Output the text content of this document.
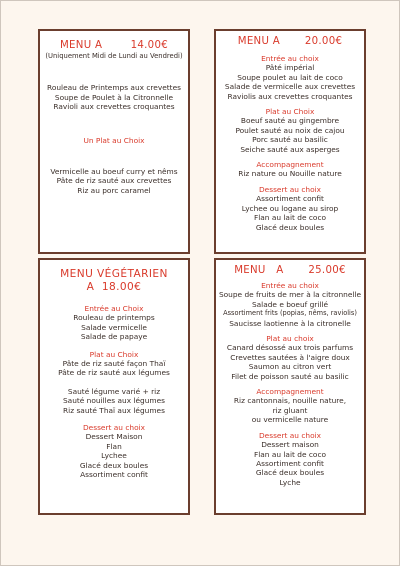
MENU A        14.00€
(Uniquement Midi de Lundi au Vendredi)
Rouleau de Printemps aux crevettes
Soupe de Poulet à la Citronnelle
Ravioli aux crevettes croquantes
Un Plat au Choix
Vermicelle au boeuf curry et nêms
Pâte de riz sauté aux crevettes
Riz au porc caramel
MENU A       20.00€
Entrée au choix
Pâté impérial
Soupe poulet au lait de coco
Salade de vermicelle aux crevettes
Raviolis aux crevettes croquantes
Plat au Choix
Boeuf sauté au gingembre
Poulet sauté au noix de cajou
Porc sauté au basilic
Seiche sauté aux asperges
Accompagnement
Riz nature ou Nouille nature
Dessert au choix
Assortiment confit
Lychee ou logane au sirop
Flan au lait de coco
Glacé deux boules
MENU VÉGÉTARIEN
A  18.00€
Entrée au Choix
Rouleau de printemps
Salade vermicelle
Salade de papaye
Plat au Choix
Pâte de riz sauté façon Thaï
Pâte de riz sauté aux légumes
Sauté légume varié + riz
Sauté nouilles aux légumes
Riz sauté Thaï aux légumes
Dessert au choix
Dessert Maison
Flan
Lychee
Glacé deux boules
Assortiment confit
MENU   A       25.00€
Entrée au choix
Soupe de fruits de mer à la citronnelle
Salade e boeuf grillé
Assortiment frits (popias, nêms, raviolis)
Saucisse laotienne à la citronelle
Plat au choix
Canard désossé aux trois parfums
Crevettes sautées à l'aigre doux
Saumon au citron vert
Filet de poisson sauté au basilic
Accompagnement
Riz cantonnais, nouille nature,
riz gluant
ou vermicelle nature
Dessert au choix
Dessert maison
Flan au lait de coco
Assortiment confit
Glacé deux boules
Lyche
